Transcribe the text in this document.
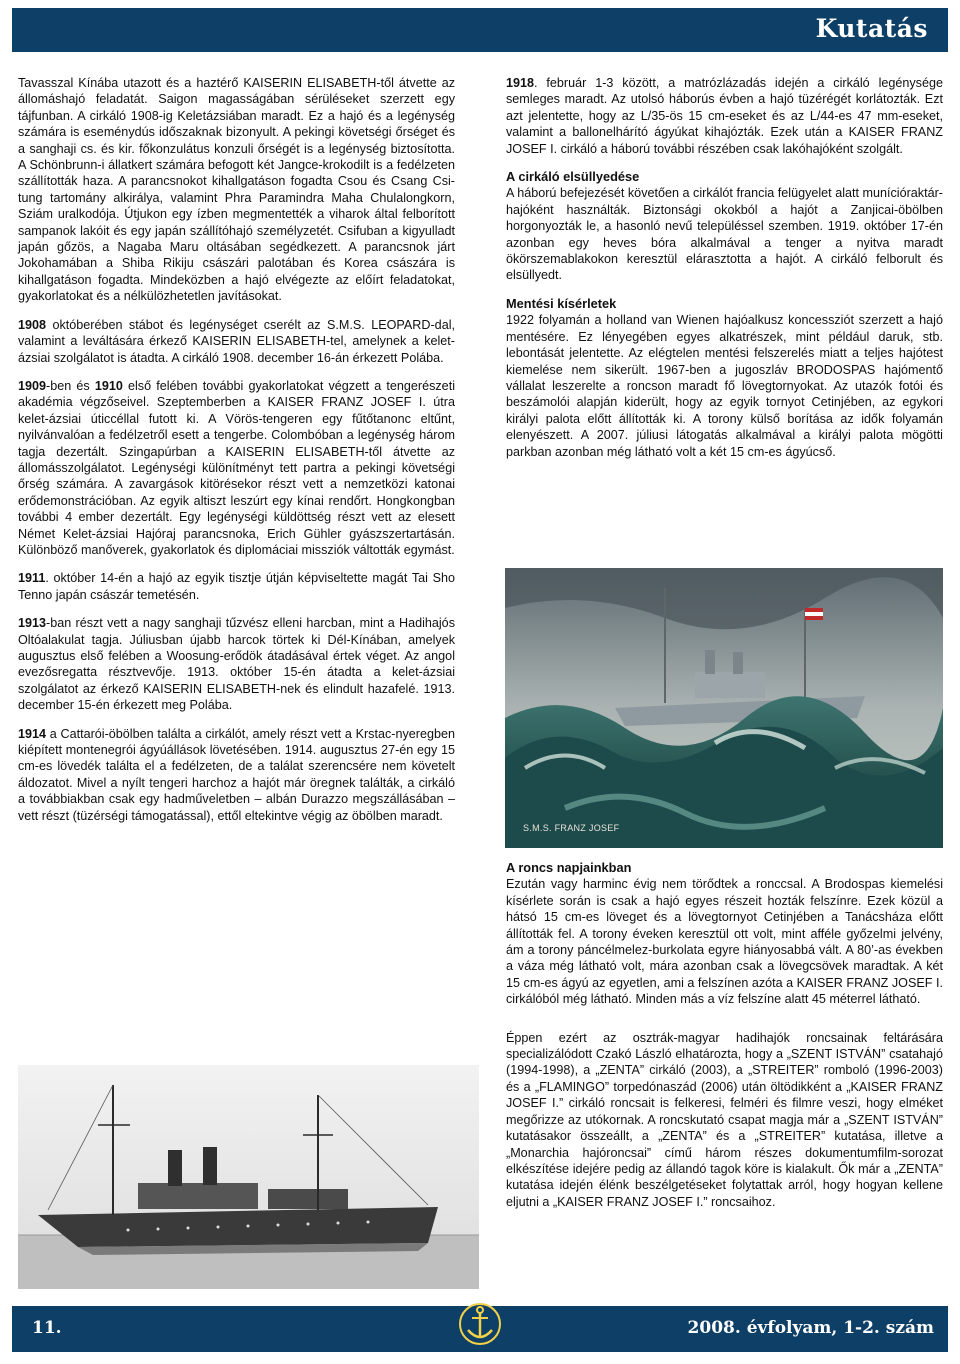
Kutatás

Tavasszal Kínába utazott és a haztérő KAISERIN ELISABETH-től átvette az állomáshajó feladatát. Saigon magasságában sérüléseket szerzett egy tájfunban. A cirkáló 1908-ig Keletázsiában maradt. Ez a hajó és a legénység számára is eseménydús időszaknak bizonyult. A pekingi követségi őrséget és a sanghaji cs. és kir. főkonzulátus konzuli őrségét is a legénység biztosította. A Schönbrunn-i állatkert számára befogott két Jangce-krokodilt is a fedélzeten szállították haza. A parancsnokot kihallgatáson fogadta Csou és Csang Csi-tung tartomány alkirálya, valamint Phra Paramindra Maha Chulalongkorn, Sziám uralkodója. Útjukon egy ízben megmentették a viharok által felborított sampanok lakóit és egy japán szállítóhajó személyzetét. Csifuban a kigyulladt japán gőzös, a Nagaba Maru oltásában segédkezett. A parancsnok járt Jokohamában a Shiba Rikiju császári palotában és Korea császára is kihallgatáson fogadta. Mindeközben a hajó elvégezte az előírt feladatokat, gyakorlatokat és a nélkülözhetetlen javításokat.

1908 októberében stábot és legénységet cserélt az S.M.S. LEOPARD-dal, valamint a leváltására érkező KAISERIN ELISABETH-tel, amelynek a kelet-ázsiai szolgálatot is átadta. A cirkáló 1908. december 16-án érkezett Polába.

1909-ben és 1910 első felében további gyakorlatokat végzett a tengerészeti akadémia végzőseivel. Szeptemberben a KAISER FRANZ JOSEF I. útra kelet-ázsiai úticcéllal futott ki. A Vörös-tengeren egy fűtőtanonc eltűnt, nyilvánvalóan a fedélzetről esett a tengerbe. Colombóban a legénység három tagja dezertált. Szingapúrban a KAISERIN ELISABETH-től átvette az állomásszolgálatot. Legénységi különítményt tett partra a pekingi követségi őrség számára. A zavargások kitörésekor részt vett a nemzetközi katonai erődemonstrációban. Az egyik altiszt leszúrt egy kínai rendőrt. Hongkongban további 4 ember dezertált. Egy legénységi küldöttség részt vett az elesett Német Kelet-ázsiai Hajóraj parancsnoka, Erich Gühler gyászszertartásán. Különböző manőverek, gyakorlatok és diplomáciai missziók váltották egymást.

1911. október 14-én a hajó az egyik tisztje útján képviseltette magát Tai Sho Tenno japán császár temetésén.

1913-ban részt vett a nagy sanghaji tűzvész elleni harcban, mint a Hadihajós Oltóalakulat tagja. Júliusban újabb harcok törtek ki Dél-Kínában, amelyek augusztus első felében a Woosung-erődök átadásával értek véget. Az angol evezősregatta résztvevője. 1913. október 15-én átadta a kelet-ázsiai szolgálatot az érkező KAISERIN ELISABETH-nek és elindult hazafelé. 1913. december 15-én érkezett meg Polába.

1914 a Cattarói-öbölben találta a cirkálót, amely részt vett a Krstac-nyeregben kiépített montenegrói ágyúállások lövetésében. 1914. augusztus 27-én egy 15 cm-es lövedék találta el a fedélzeten, de a találat szerencsére nem követelt áldozatot. Mivel a nyílt tengeri harchoz a hajót már öregnek találták, a cirkáló a továbbiakban csak egy hadműveletben – albán Durazzo megszállásában – vett részt (tüzérségi támogatással), ettől eltekintve végig az öbölben maradt.

1918. február 1-3 között, a matrózlázadás idején a cirkáló legénysége semleges maradt. Az utolsó háborús évben a hajó tüzérégét korlátozták. Ezt azt jelentette, hogy az L/35-ös 15 cm-eseket és az L/44-es 47 mm-eseket, valamint a ballonelhárító ágyúkat kihajózták. Ezek után a KAISER FRANZ JOSEF I. cirkáló a háború további részében csak lakóhajóként szolgált.

A cirkáló elsüllyedése

A háború befejezését követően a cirkálót francia felügyelet alatt munícióraktár-hajóként használták. Biztonsági okokból a hajót a Zanjicai-öbölben horgonyozták le, a hasonló nevű településsel szemben. 1919. október 17-én azonban egy heves bóra alkalmával a tenger a nyitva maradt ökörszemablakokon keresztül elárasztotta a hajót. A cirkáló felborult és elsüllyedt.

Mentési kísérletek

1922 folyamán a holland van Wienen hajóalkusz koncessziót szerzett a hajó mentésére. Ez lényegében egyes alkatrészek, mint például daruk, stb. lebontását jelentette. Az elégtelen mentési felszerelés miatt a teljes hajótest kiemelése nem sikerült. 1967-ben a jugoszláv BRODOSPAS hajómentő vállalat leszerelte a roncson maradt fő lövegtornyokat. Az utazók fotói és beszámolói alapján kiderült, hogy az egyik tornyot Cetinjében, az egykori királyi palota előtt állították ki. A torony külső borítása az idők folyamán elenyészett. A 2007. júliusi látogatás alkalmával a királyi palota mögötti parkban azonban még látható volt a két 15 cm-es ágyúcső.

S.M.S. FRANZ JOSEF
A roncs napjainkban

Ezután vagy harminc évig nem törődtek a ronccsal. A Brodospas kiemelési kísérlete során is csak a hajó egyes részeit hozták felszínre. Ezek közül a hátsó 15 cm-es löveget és a lövegtornyot Cetinjében a Tanácsháza előtt állították fel. A torony éveken keresztül ott volt, mint afféle győzelmi jelvény, ám a torony páncélmelez-burkolata egyre hiányosabbá vált. A 80’-as években a váza még látható volt, mára azonban csak a lövegcsövek maradtak. A két 15 cm-es ágyú az egyetlen, ami a felszínen azóta a KAISER FRANZ JOSEF I. cirkálóból még látható. Minden más a víz felszíne alatt 45 méterrel látható.

Éppen ezért az osztrák-magyar hadihajók roncsainak feltárására specializálódott Czakó László elhatározta, hogy a „SZENT ISTVÁN” csatahajó (1994-1998), a „ZENTA” cirkáló (2003), a „STREITER” romboló (1996-2003) és a „FLAMINGO” torpedónaszád (2006) után öltödikként a „KAISER FRANZ JOSEF I.” cirkáló roncsait is felkeresi, felméri és filmre veszi, hogy elméket megőrizze az utókornak. A roncskutató csapat magja már a „SZENT ISTVÁN” kutatásakor összeállt, a „ZENTA” és a „STREITER” kutatása, illetve a „Monarchia hajóroncsai” című három részes dokumentumfilm-sorozat elkészítése idejére pedig az állandó tagok köre is kialakult. Ők már a „ZENTA” kutatása idején élénk beszélgetéseket folytattak arról, hogy hogyan kellene eljutni a „KAISER FRANZ JOSEF I.” roncsaihoz.

11.	2008. évfolyam, 1-2. szám
